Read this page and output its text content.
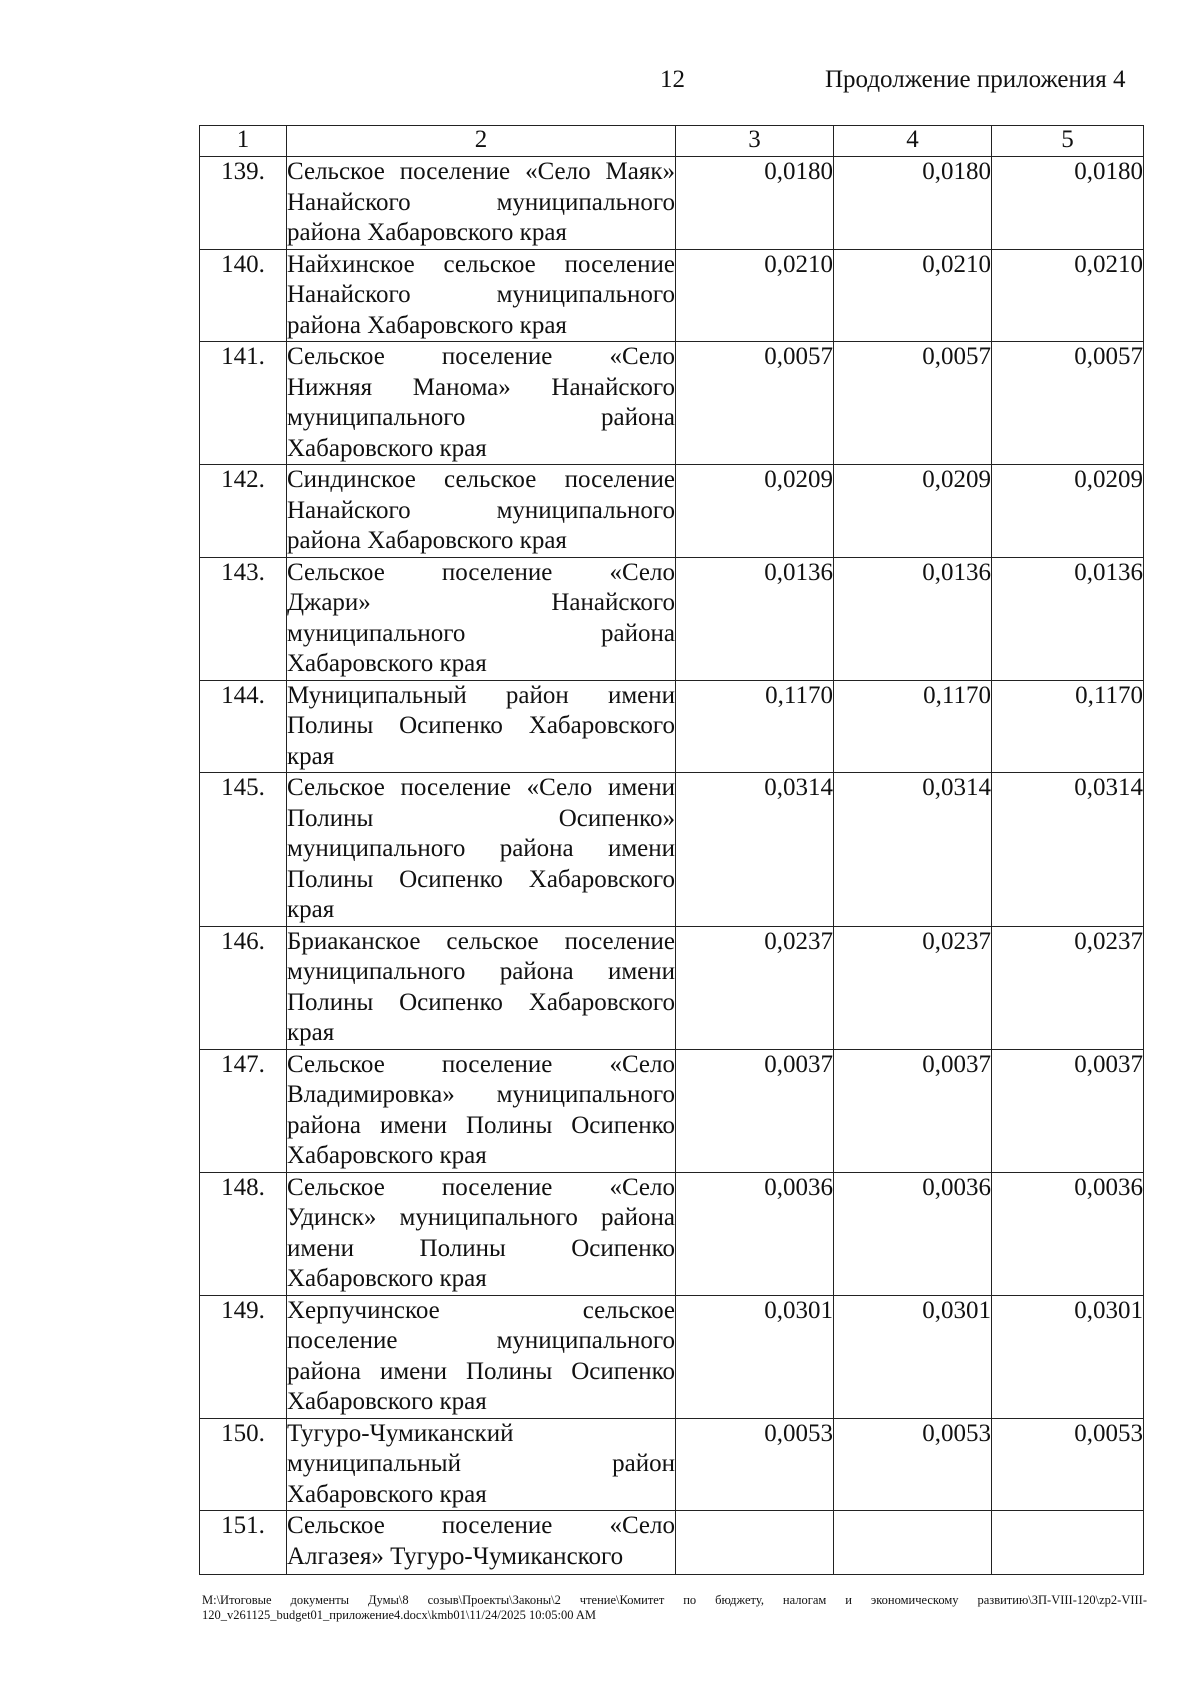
12	Продолжение приложения 4
1	2	3	4	5
139.	Сельское поселение «Село Маяк»
Нанайского муниципального
района Хабаровского края	0,0180	0,0180	0,0180
140.	Найхинское сельское поселение
Нанайского муниципального
района Хабаровского края	0,0210	0,0210	0,0210
141.	Сельское поселение «Село
Нижняя Манома» Нанайского
муниципального района
Хабаровского края	0,0057	0,0057	0,0057
142.	Синдинское сельское поселение
Нанайского муниципального
района Хабаровского края	0,0209	0,0209	0,0209
143.	Сельское поселение «Село
Джари» Нанайского
муниципального района
Хабаровского края	0,0136	0,0136	0,0136
144.	Муниципальный район имени
Полины Осипенко Хабаровского
края	0,1170	0,1170	0,1170
145.	Сельское поселение «Село имени
Полины Осипенко»
муниципального района имени
Полины Осипенко Хабаровского
края	0,0314	0,0314	0,0314
146.	Бриаканское сельское поселение
муниципального района имени
Полины Осипенко Хабаровского
края	0,0237	0,0237	0,0237
147.	Сельское поселение «Село
Владимировка» муниципального
района имени Полины Осипенко
Хабаровского края	0,0037	0,0037	0,0037
148.	Сельское поселение «Село
Удинск» муниципального района
имени Полины Осипенко
Хабаровского края	0,0036	0,0036	0,0036
149.	Херпучинское сельское
поселение муниципального
района имени Полины Осипенко
Хабаровского края	0,0301	0,0301	0,0301
150.	Тугуро-Чумиканский
муниципальный район
Хабаровского края	0,0053	0,0053	0,0053
151.	Сельское поселение «Село
Алгазея» Тугуро-Чумиканского			

M:\Итоговые документы Думы\8 созыв\Проекты\Законы\2 чтение\Комитет по бюджету, налогам и экономическому развитию\ЗП-VIII-120\zp2-VIII-120_v261125_budget01_приложение4.docx\kmb01\11/24/2025 10:05:00 AM
